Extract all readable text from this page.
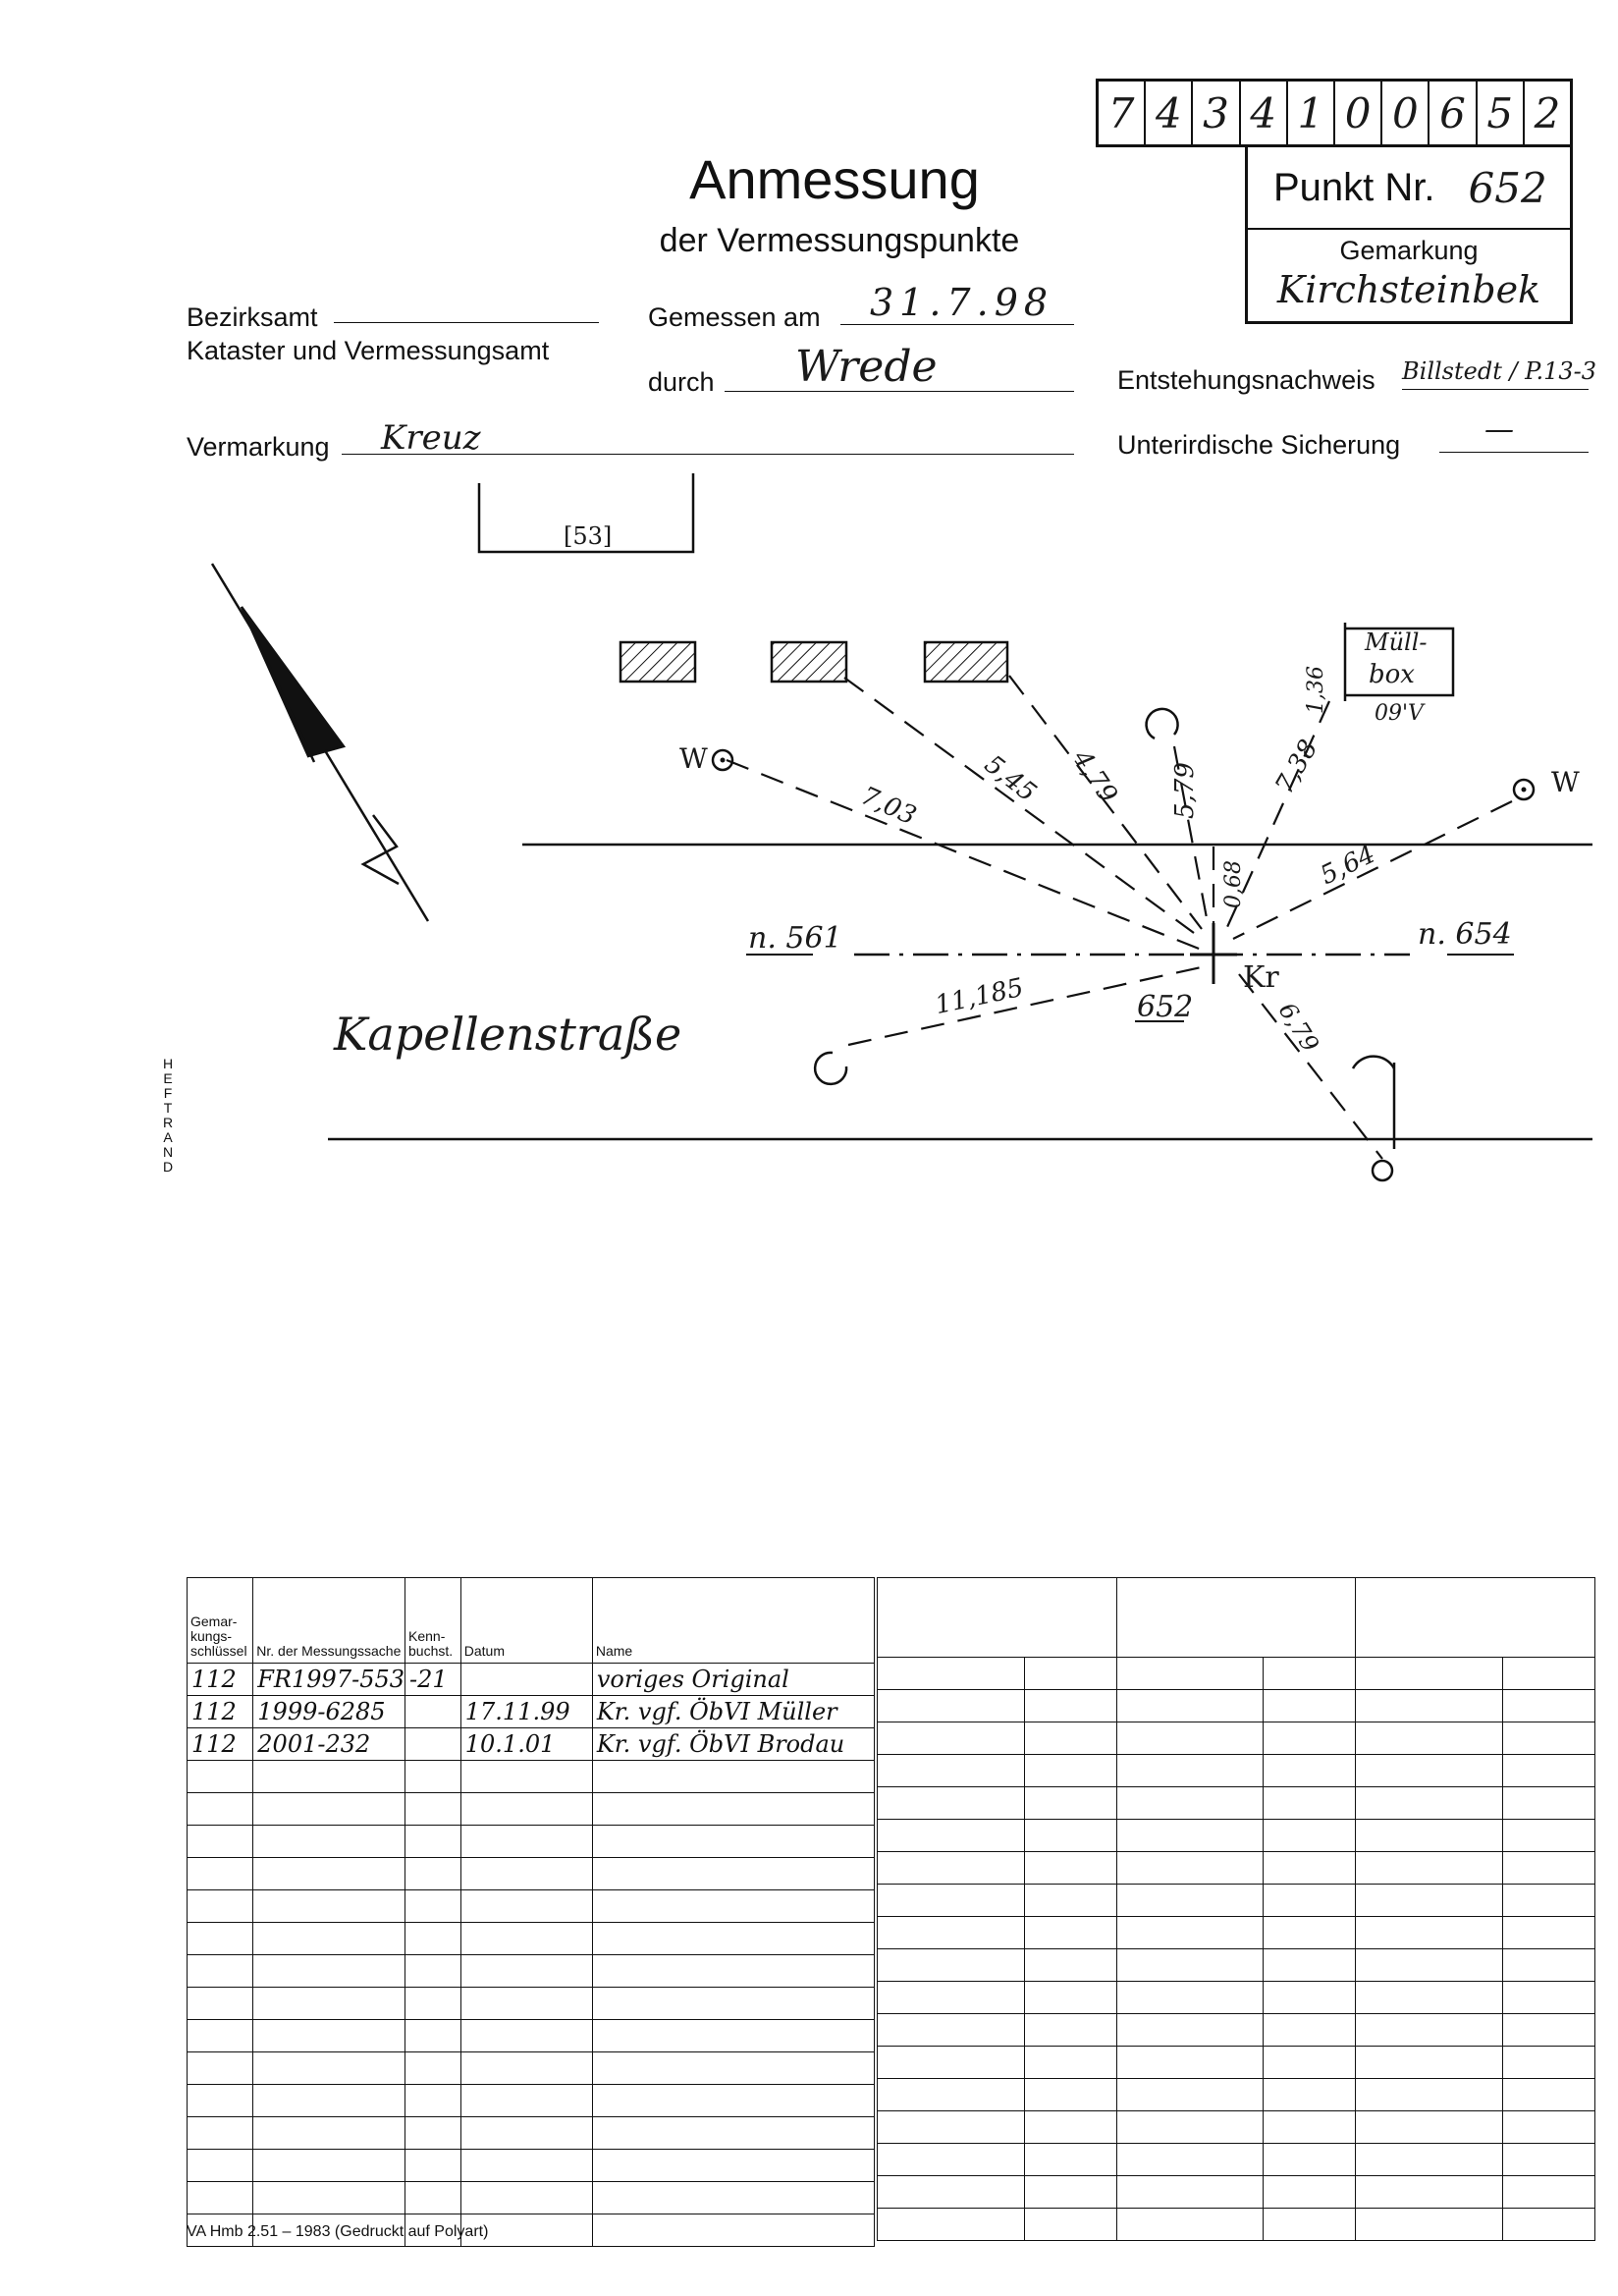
7 4 3 4 1 0 0 6 5 2
Punkt Nr. 652
Gemarkung
Kirchsteinbek
Anmessung
der Vermessungspunkte
Bezirksamt
Kataster und Vermessungsamt
Gemessen am 31.7.98
durch Wrede	Entstehungsnachweis Billstedt / P.13-3
Vermarkung Kreuz	Unterirdische Sicherung	—
H
E
F
T
R
A
N
D
[53]
Müll-
box
09'V
1,36
W
W
7,03 5,45 4,79 5,79	7,38
5,64
0,68
11,185
6,79
n. 561	n. 654
Kr
652
Kapellenstraße
Gemar-kungs-schlüssel	Nr. der Messungssache	Kenn-buchst.	Datum	Name
112	FR1997-553	-21		voriges Original
112	1999-6285		17.11.99	Kr. vgf. ÖbVI Müller
112	2001-232		10.1.01	Kr. vgf. ÖbVI Brodau

VA Hmb 2.51 – 1983 (Gedruckt auf Polyart)
